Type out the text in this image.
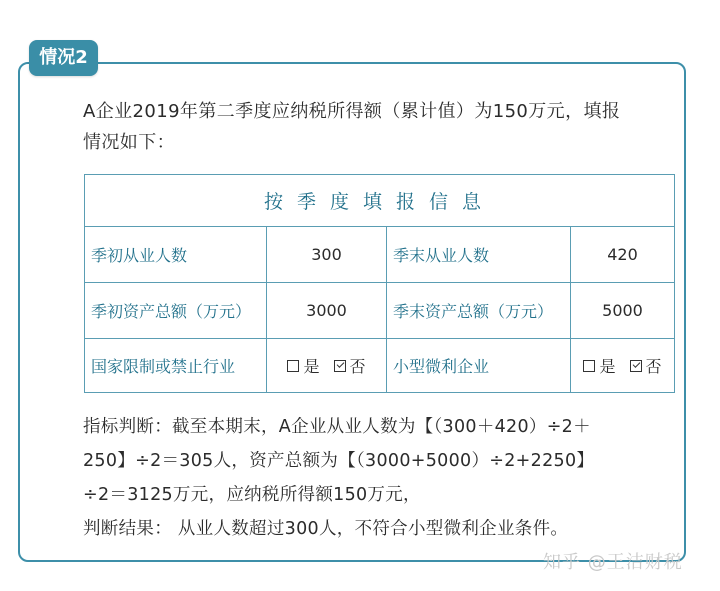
情况2
A企业2019年第二季度应纳税所得额（累计值）为150万元，填报
情况如下：
按季度填报信息			
季初从业人数	300	季末从业人数	420
季初资产总额（万元）	3000	季末资产总额（万元）	5000
国家限制或禁止行业	是 否	小型微利企业	是 否

指标判断：截至本期末，A企业从业人数为【（300＋420）÷2＋

250】÷2＝305人，资产总额为【（3000+5000）÷2+2250】

÷2＝3125万元，应纳税所得额150万元，

判断结果： 从业人数超过300人，不符合小型微利企业条件。

知乎 @王洁财税
